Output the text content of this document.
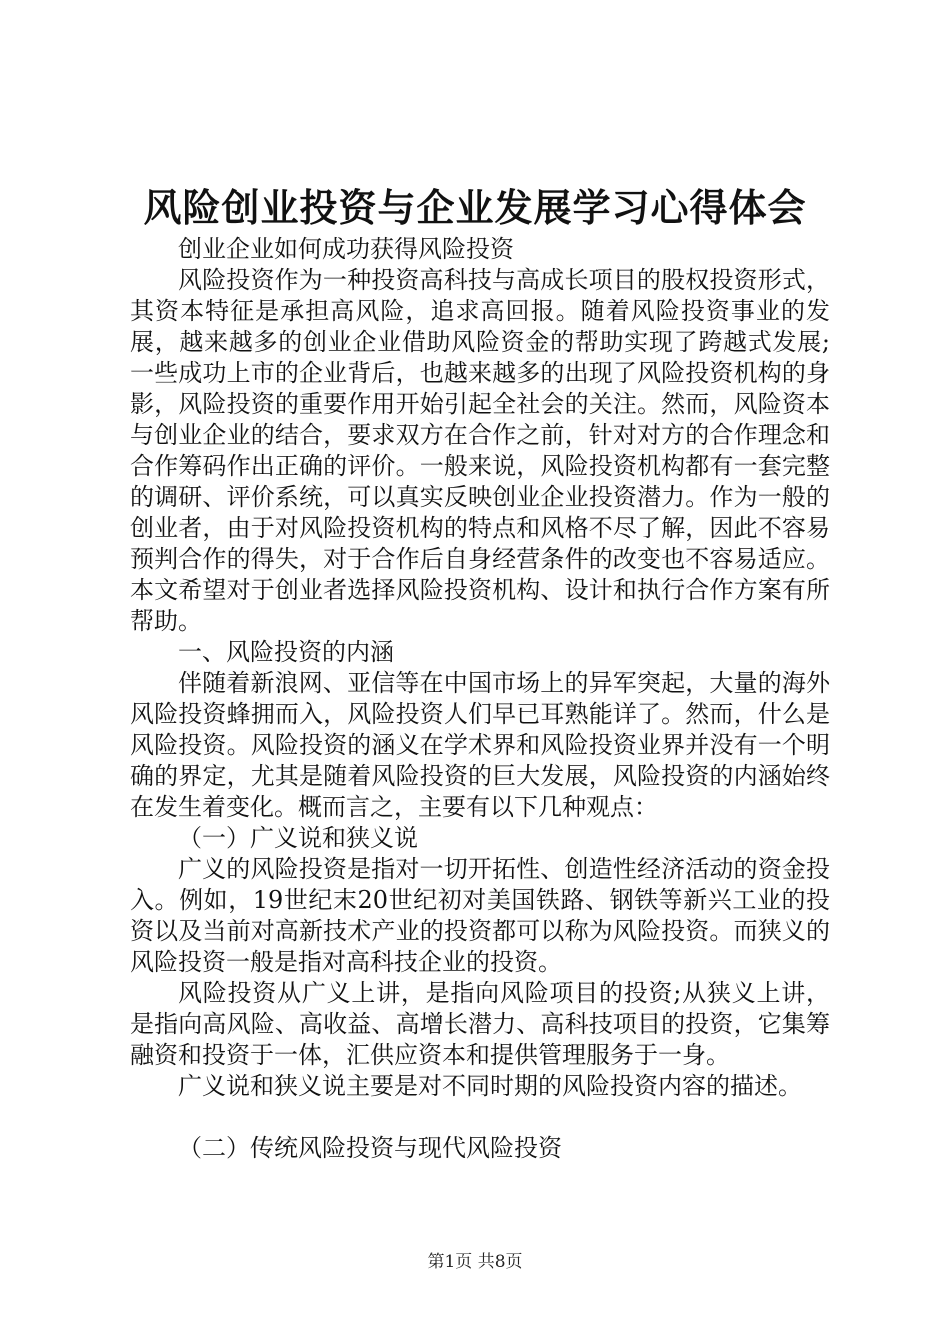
风险创业投资与企业发展学习心得体会

创业企业如何成功获得风险投资

风险投资作为一种投资高科技与高成长项目的股权投资形式，其资本特征是承担高风险，追求高回报。随着风险投资事业的发展，越来越多的创业企业借助风险资金的帮助实现了跨越式发展;一些成功上市的企业背后，也越来越多的出现了风险投资机构的身影，风险投资的重要作用开始引起全社会的关注。然而，风险资本与创业企业的结合，要求双方在合作之前，针对对方的合作理念和合作筹码作出正确的评价。一般来说，风险投资机构都有一套完整的调研、评价系统，可以真实反映创业企业投资潜力。作为一般的创业者，由于对风险投资机构的特点和风格不尽了解，因此不容易预判合作的得失，对于合作后自身经营条件的改变也不容易适应。本文希望对于创业者选择风险投资机构、设计和执行合作方案有所帮助。

一、风险投资的内涵

伴随着新浪网、亚信等在中国市场上的异军突起，大量的海外风险投资蜂拥而入，风险投资人们早已耳熟能详了。然而，什么是风险投资。风险投资的涵义在学术界和风险投资业界并没有一个明确的界定，尤其是随着风险投资的巨大发展，风险投资的内涵始终在发生着变化。概而言之，主要有以下几种观点：

（一）广义说和狭义说

广义的风险投资是指对一切开拓性、创造性经济活动的资金投入。例如，19世纪末20世纪初对美国铁路、钢铁等新兴工业的投资以及当前对高新技术产业的投资都可以称为风险投资。而狭义的风险投资一般是指对高科技企业的投资。

风险投资从广义上讲，是指向风险项目的投资;从狭义上讲，是指向高风险、高收益、高增长潜力、高科技项目的投资，它集筹融资和投资于一体，汇供应资本和提供管理服务于一身。

广义说和狭义说主要是对不同时期的风险投资内容的描述。

（二）传统风险投资与现代风险投资

第1页 共8页
